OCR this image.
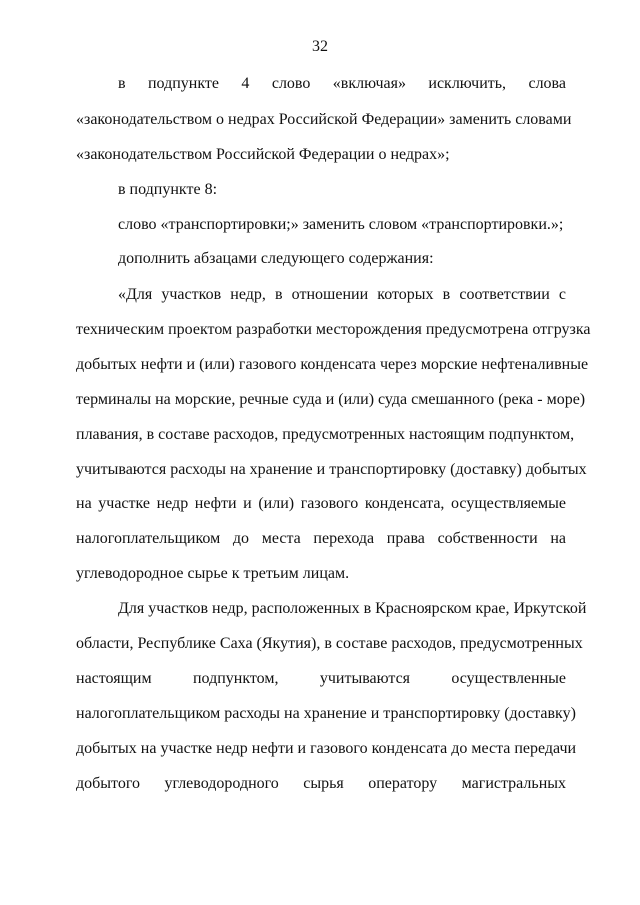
32
в подпункте 4 слово «включая» исключить, слова
«законодательством о недрах Российской Федерации» заменить словами
«законодательством Российской Федерации о недрах»;
в подпункте 8:
слово «транспортировки;» заменить словом «транспортировки.»;
дополнить абзацами следующего содержания:
«Для участков недр, в отношении которых в соответствии с
техническим проектом разработки месторождения предусмотрена отгрузка
добытых нефти и (или) газового конденсата через морские нефтеналивные
терминалы на морские, речные суда и (или) суда смешанного (река - море)
плавания, в составе расходов, предусмотренных настоящим подпунктом,
учитываются расходы на хранение и транспортировку (доставку) добытых
на участке недр нефти и (или) газового конденсата, осуществляемые
налогоплательщиком до места перехода права собственности на
углеводородное сырье к третьим лицам.
Для участков недр, расположенных в Красноярском крае, Иркутской
области, Республике Саха (Якутия), в составе расходов, предусмотренных
настоящим подпунктом, учитываются осуществленные
налогоплательщиком расходы на хранение и транспортировку (доставку)
добытых на участке недр нефти и газового конденсата до места передачи
добытого углеводородного сырья оператору магистральных
